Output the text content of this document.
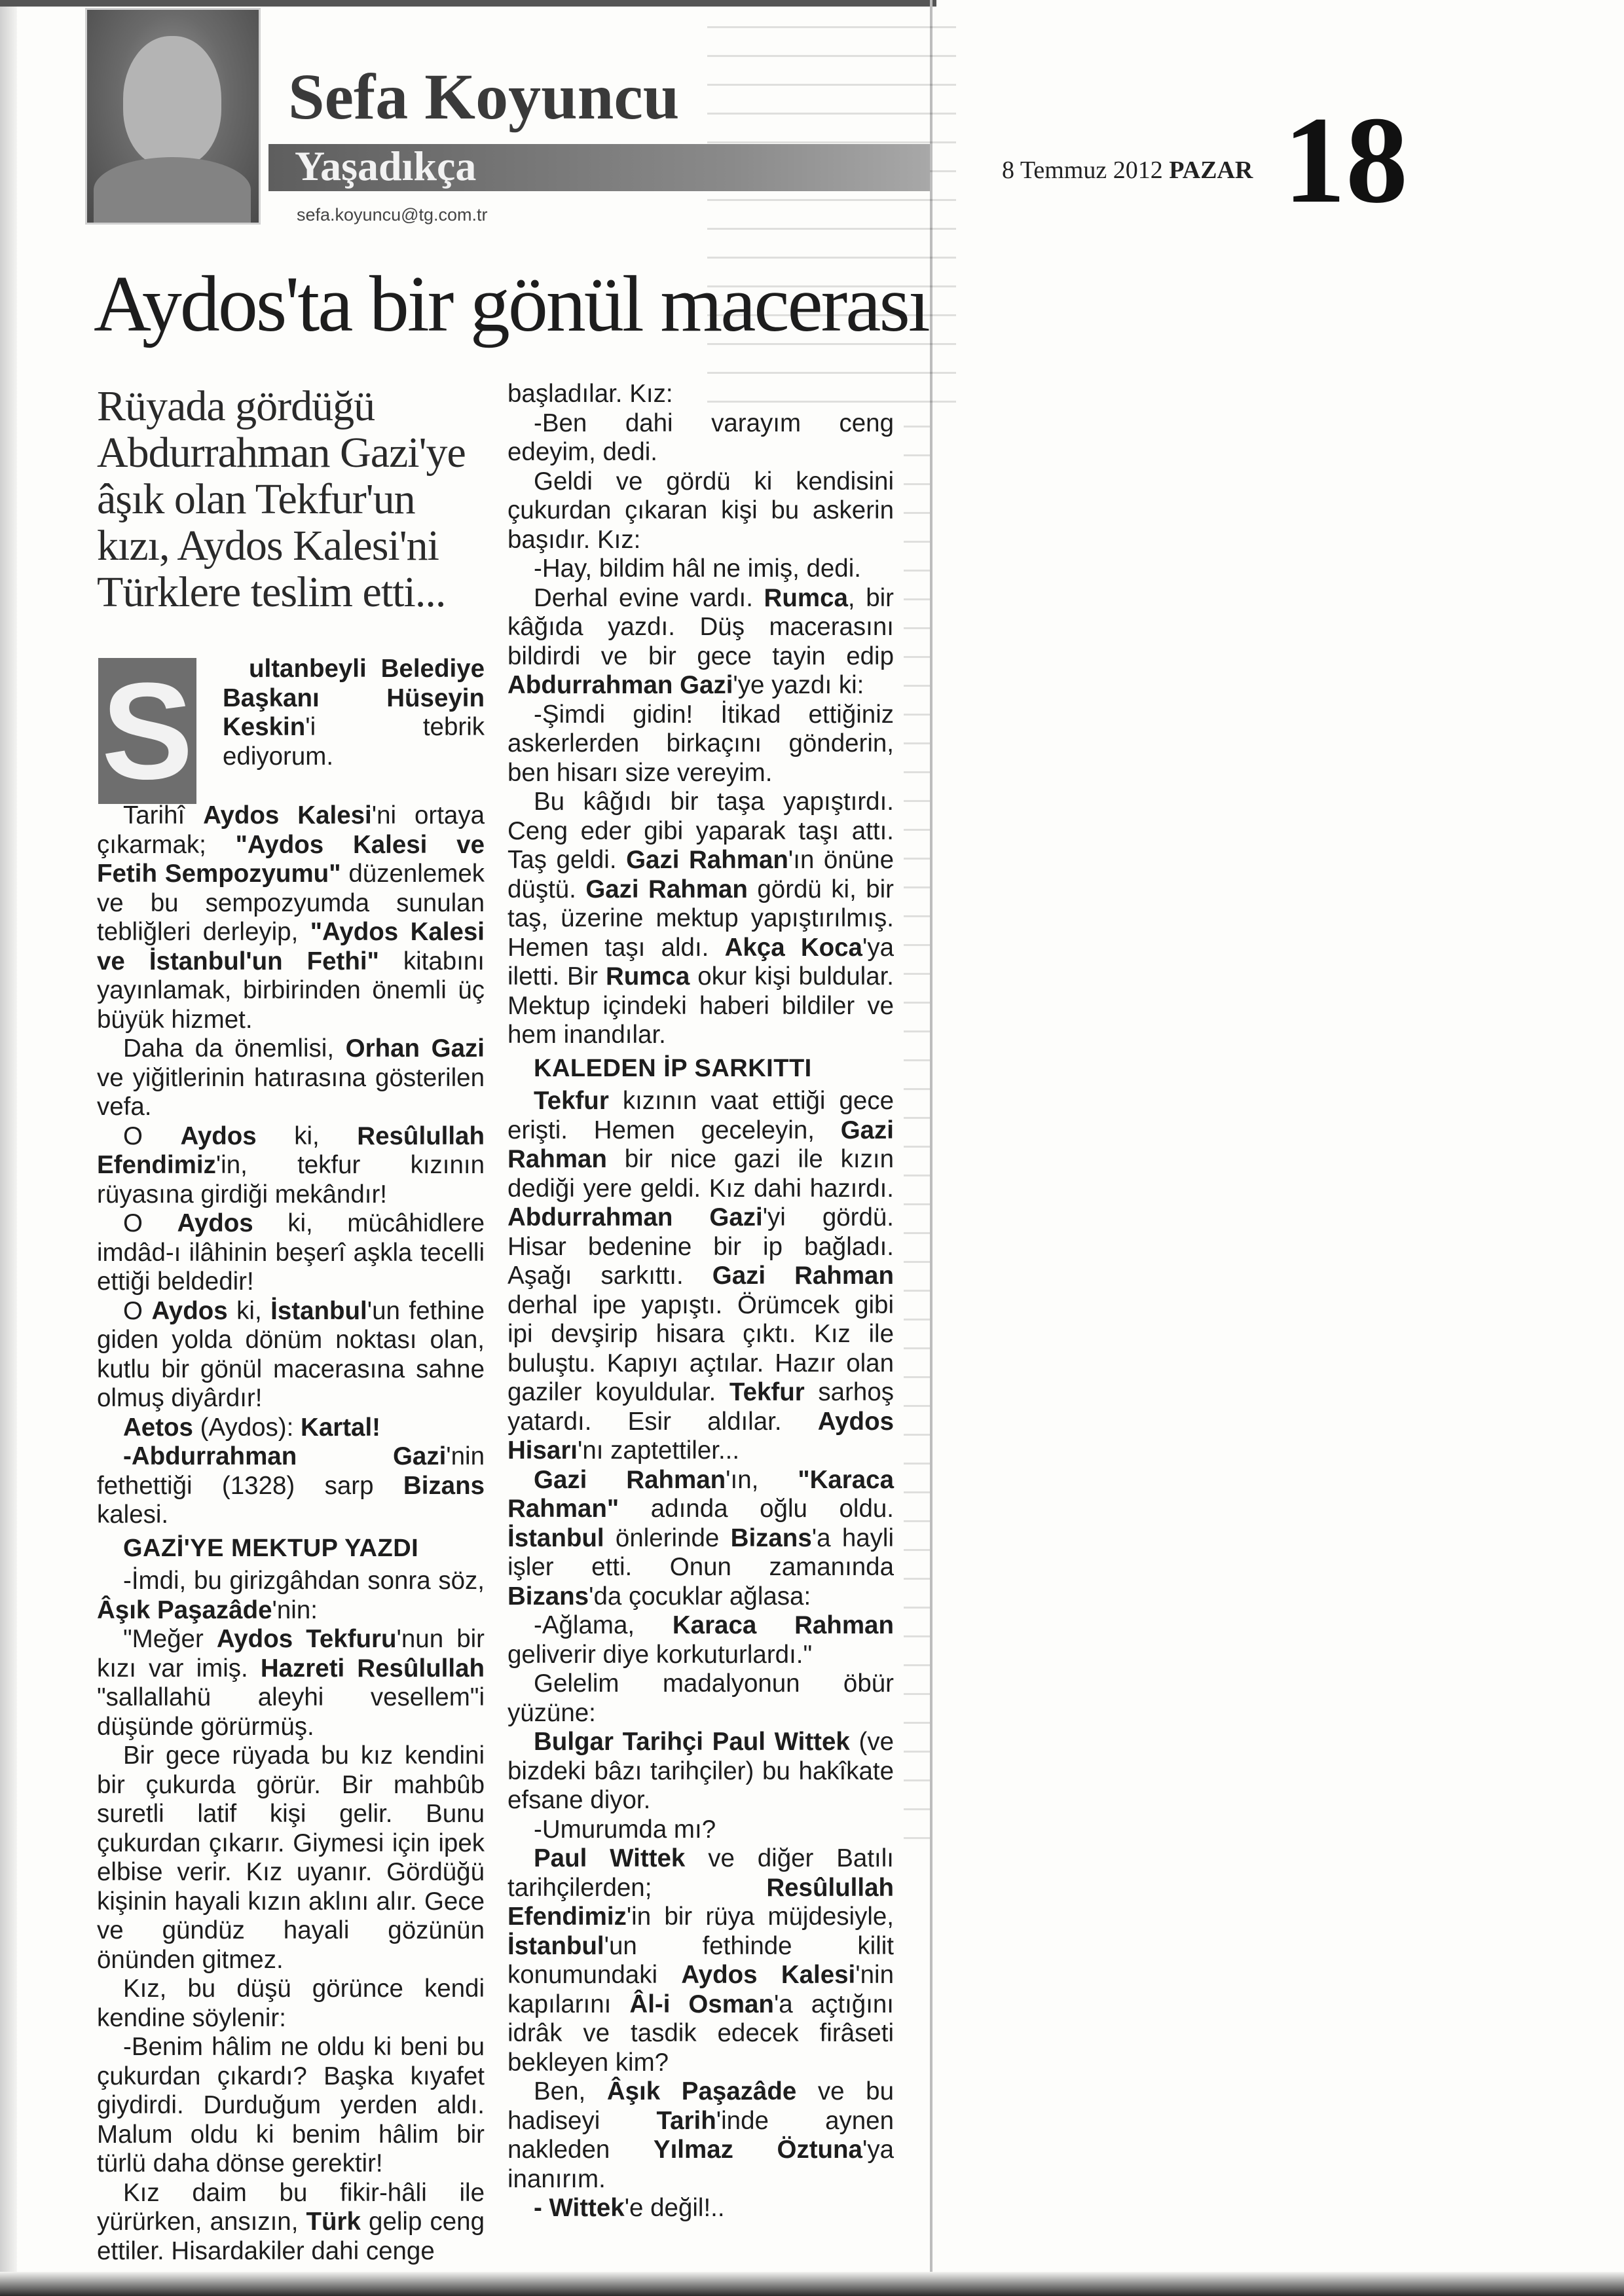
Sefa Koyuncu
Yaşadıkça
sefa.koyuncu@tg.com.tr

8 Temmuz 2012 PAZAR 18
Aydos'ta bir gönül macerası

Rüyada gördüğü Abdurrahman Gazi'ye âşık olan Tekfur'un kızı, Aydos Kalesi'ni Türklere teslim etti...

S	ultanbeyli Belediye Başkanı Hüseyin Keskin'i tebrik ediyorum.

Tarihî Aydos Kalesi'ni ortaya çıkarmak; "Aydos Kalesi ve Fetih Sempozyumu" düzenlemek ve bu sempozyumda sunulan tebliğleri derleyip, "Aydos Kalesi ve İstanbul'un Fethi" kitabını yayınlamak, birbirinden önemli üç büyük hizmet.

Daha da önemlisi, Orhan Gazi ve yiğitlerinin hatırasına gösterilen vefa.

O Aydos ki, Resûlullah Efendimiz'in, tekfur kızının rüyasına girdiği mekândır!

O Aydos ki, mücâhidlere imdâd-ı ilâhinin beşerî aşkla tecelli ettiği beldedir!

O Aydos ki, İstanbul'un fethine giden yolda dönüm noktası olan, kutlu bir gönül macerasına sahne olmuş diyârdır!

Aetos (Aydos): Kartal!

-Abdurrahman Gazi'nin fethettiği (1328) sarp Bizans kalesi.

GAZİ'YE MEKTUP YAZDI

-İmdi, bu girizgâhdan sonra söz, Âşık Paşazâde'nin:

"Meğer Aydos Tekfuru'nun bir kızı var imiş. Hazreti Resûlullah "sallallahü aleyhi vesellem"i düşünde görürmüş.

Bir gece rüyada bu kız kendini bir çukurda görür. Bir mahbûb suretli latif kişi gelir. Bunu çukurdan çıkarır. Giymesi için ipek elbise verir. Kız uyanır. Gördüğü kişinin hayali kızın aklını alır. Gece ve gündüz hayali gözünün önünden gitmez.

Kız, bu düşü görünce kendi kendine söylenir:

-Benim hâlim ne oldu ki beni bu çukurdan çıkardı? Başka kıyafet giydirdi. Durduğum yerden aldı. Malum oldu ki benim hâlim bir türlü daha dönse gerektir!

Kız daim bu fikir-hâli ile yürürken, ansızın, Türk gelip ceng ettiler. Hisardakiler dahi cenge

başladılar. Kız:

-Ben dahi varayım ceng edeyim, dedi.

Geldi ve gördü ki kendisini çukurdan çıkaran kişi bu askerin başıdır. Kız:

-Hay, bildim hâl ne imiş, dedi.

Derhal evine vardı. Rumca, bir kâğıda yazdı. Düş macerasını bildirdi ve bir gece tayin edip Abdurrahman Gazi'ye yazdı ki:

-Şimdi gidin! İtikad ettiğiniz askerlerden birkaçını gönderin, ben hisarı size vereyim.

Bu kâğıdı bir taşa yapıştırdı. Ceng eder gibi yaparak taşı attı. Taş geldi. Gazi Rahman'ın önüne düştü. Gazi Rahman gördü ki, bir taş, üzerine mektup yapıştırılmış. Hemen taşı aldı. Akça Koca'ya iletti. Bir Rumca okur kişi buldular. Mektup içindeki haberi bildiler ve hem inandılar.

KALEDEN İP SARKITTI

Tekfur kızının vaat ettiği gece erişti. Hemen geceleyin, Gazi Rahman bir nice gazi ile kızın dediği yere geldi. Kız dahi hazırdı. Abdurrahman Gazi'yi gördü. Hisar bedenine bir ip bağladı. Aşağı sarkıttı. Gazi Rahman derhal ipe yapıştı. Örümcek gibi ipi devşirip hisara çıktı. Kız ile buluştu. Kapıyı açtılar. Hazır olan gaziler koyuldular. Tekfur sarhoş yatardı. Esir aldılar. Aydos Hisarı'nı zaptettiler...

Gazi Rahman'ın, "Karaca Rahman" adında oğlu oldu. İstanbul önlerinde Bizans'a hayli işler etti. Onun zamanında Bizans'da çocuklar ağlasa:

-Ağlama, Karaca Rahman geliverir diye korkuturlardı."

Gelelim madalyonun öbür yüzüne:

Bulgar Tarihçi Paul Wittek (ve bizdeki bâzı tarihçiler) bu hakîkate efsane diyor.

-Umurumda mı?

Paul Wittek ve diğer Batılı tarihçilerden; Resûlullah Efendimiz'in bir rüya müjdesiyle, İstanbul'un fethinde kilit konumundaki Aydos Kalesi'nin kapılarını Âl-i Osman'a açtığını idrâk ve tasdik edecek firâseti bekleyen kim?

Ben, Âşık Paşazâde ve bu hadiseyi Tarih'inde aynen nakleden Yılmaz Öztuna'ya inanırım.

- Wittek'e değil!..
